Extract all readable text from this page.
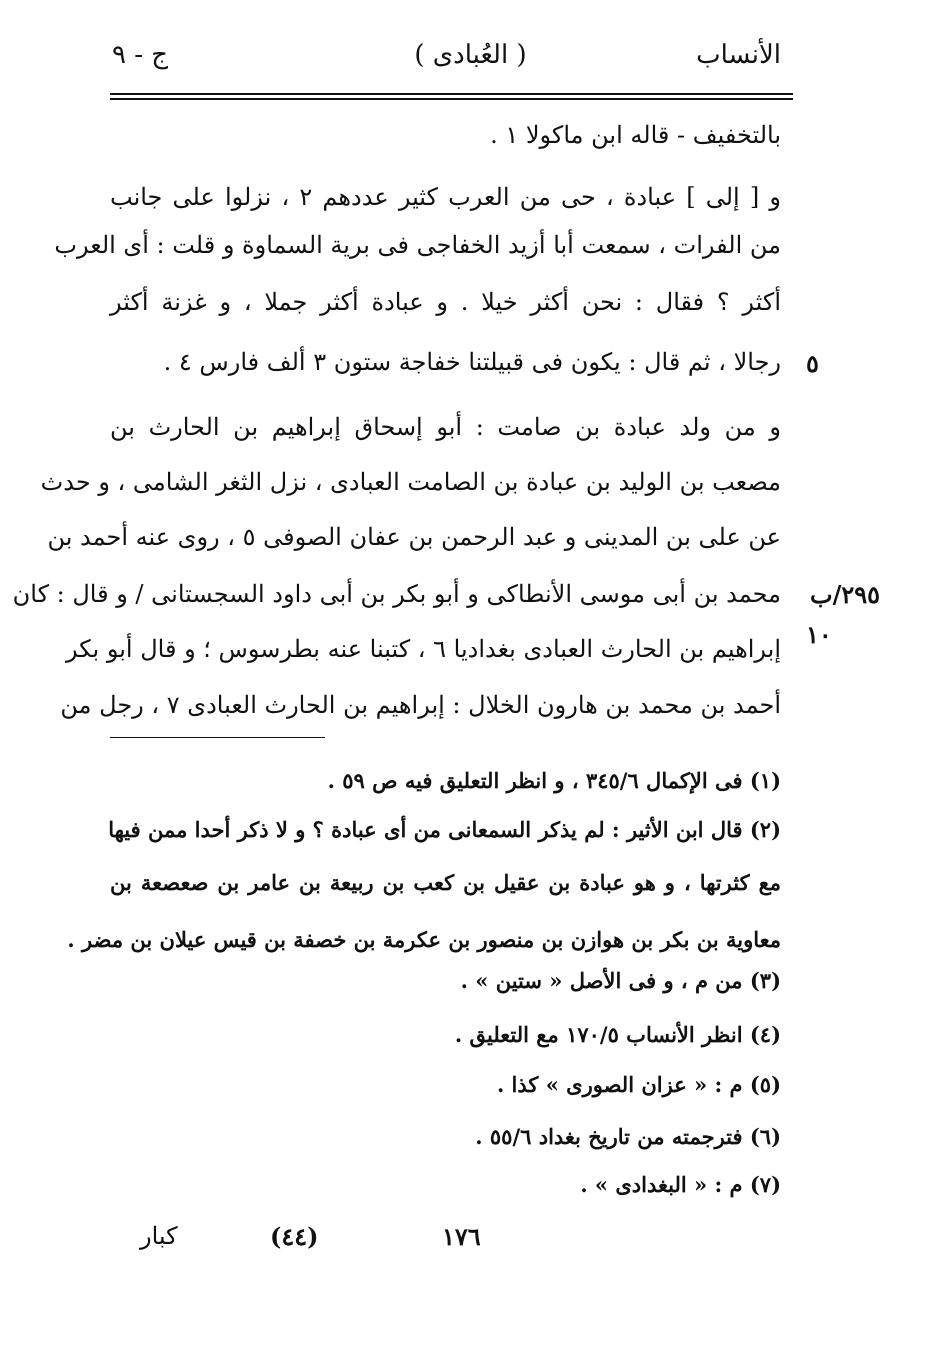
الأنساب
( العُبادى )
ج - ٩
بالتخفيف - قاله ابن ماكولا ١ .
و [ إلى ] عبادة ، حى من العرب كثير عددهم ٢ ، نزلوا على جانب
من الفرات ، سمعت أبا أزيد الخفاجى فى برية السماوة و قلت : أى العرب
أكثر ؟ فقال : نحن أكثر خيلا . و عبادة أكثر جملا ، و غزنة أكثر
رجالا ، ثم قال : يكون فى قبيلتنا خفاجة ستون ٣ ألف فارس ٤ .
و من ولد عبادة بن صامت : أبو إسحاق إبراهيم بن الحارث بن
مصعب بن الوليد بن عبادة بن الصامت العبادى ، نزل الثغر الشامى ، و حدث
عن على بن المدينى و عبد الرحمن بن عفان الصوفى ٥ ، روى عنه أحمد بن
محمد بن أبى موسى الأنطاكى و أبو بكر بن أبى داود السجستانى / و قال : كان
إبراهيم بن الحارث العبادى بغداديا ٦ ، كتبنا عنه بطرسوس ؛ و قال أبو بكر
أحمد بن محمد بن هارون الخلال : إبراهيم بن الحارث العبادى ٧ ، رجل من
٥
٢٩٥/ب
١٠
(١) فى الإكمال ٣٤٥/٦ ، و انظر التعليق فيه ص ٥٩ .
(٢) قال ابن الأثير : لم يذكر السمعانى من أى عبادة ؟ و لا ذكر أحدا ممن فيها
مع كثرتها ، و هو عبادة بن عقيل بن كعب بن ربيعة بن عامر بن صعصعة بن
معاوية بن بكر بن هوازن بن منصور بن عكرمة بن خصفة بن قيس عيلان بن مضر .
(٣) من م ، و فى الأصل « ستين » .
(٤) انظر الأنساب ١٧٠/٥ مع التعليق .
(٥) م : « عزان الصورى » كذا .
(٦) فترجمته من تاريخ بغداد ٥٥/٦ .
(٧) م : « البغدادى » .
١٧٦
(٤٤)
كبار
